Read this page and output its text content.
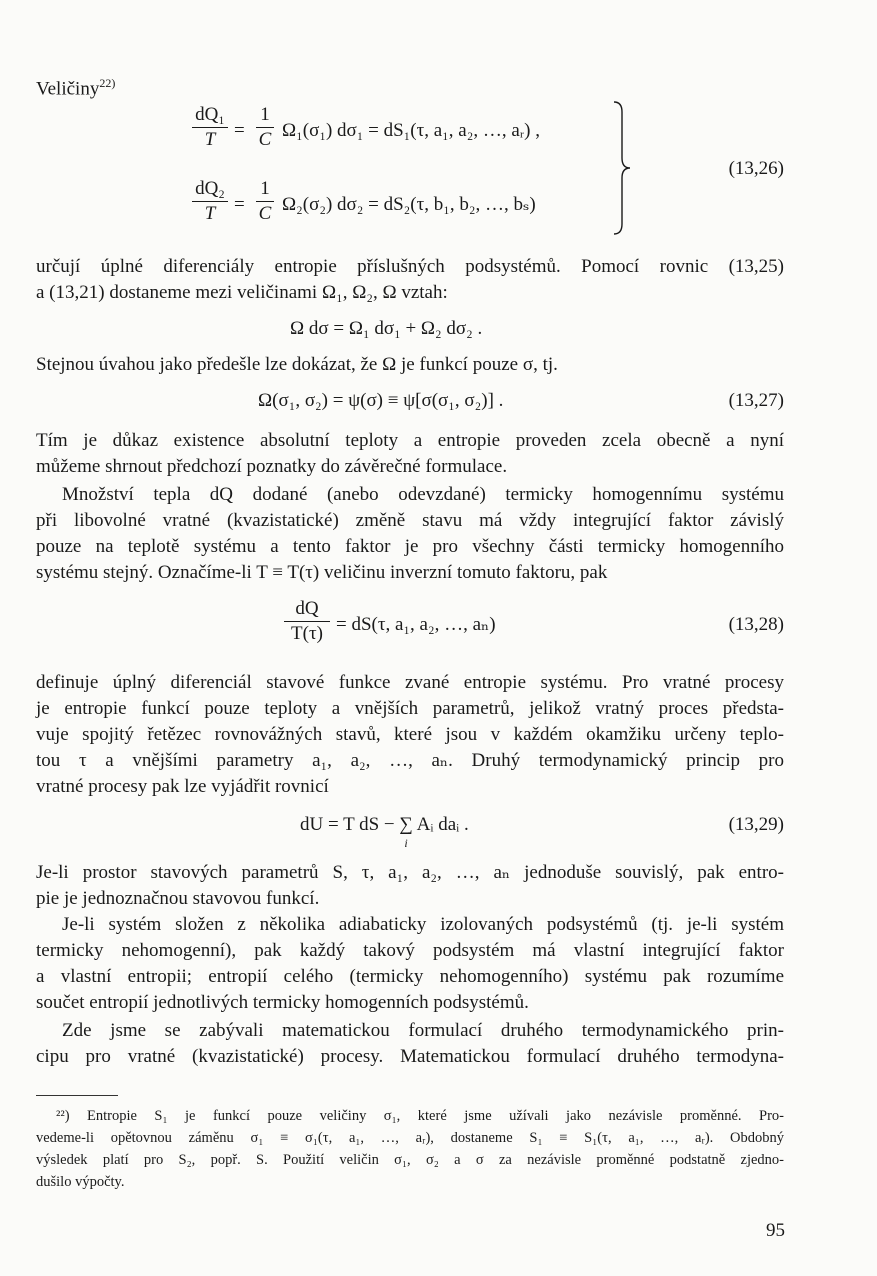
Veličiny$^{22)}$
dQ₁
T =
1
C Ω₁(σ₁) dσ₁ = dS₁(τ, a₁, a₂, …, aᵣ) ,
dQ₂
T =
1
C Ω₂(σ₂) dσ₂ = dS₂(τ, b₁, b₂, …, bₛ)
(13,26)
určují úplné diferenciály entropie příslušných podsystémů. Pomocí rovnic (13,25)
a (13,21) dostaneme mezi veličinami Ω₁, Ω₂, Ω vztah:
Ω dσ = Ω₁ dσ₁ + Ω₂ dσ₂ .
Stejnou úvahou jako předešle lze dokázat, že Ω je funkcí pouze σ, tj.
Ω(σ₁, σ₂) = ψ(σ) ≡ ψ[σ(σ₁, σ₂)] .	(13,27)
Tím je důkaz existence absolutní teploty a entropie proveden zcela obecně a nyní
můžeme shrnout předchozí poznatky do závěrečné formulace.
Množství tepla dQ dodané (anebo odevzdané) termicky homogennímu systému
při libovolné vratné (kvazistatické) změně stavu má vždy integrující faktor závislý
pouze na teplotě systému a tento faktor je pro všechny části termicky homogenního
systému stejný. Označíme-li T ≡ T(τ) veličinu inverzní tomuto faktoru, pak
dQ
T(τ) = dS(τ, a₁, a₂, …, aₙ)	(13,28)
definuje úplný diferenciál stavové funkce zvané entropie systému. Pro vratné procesy
je entropie funkcí pouze teploty a vnějších parametrů, jelikož vratný proces předsta-
vuje spojitý řetězec rovnovážných stavů, které jsou v každém okamžiku určeny teplo-
tou τ a vnějšími parametry a₁, a₂, …, aₙ. Druhý termodynamický princip pro
vratné procesy pak lze vyjádřit rovnicí
dU = T dS − ∑
i
Aᵢ daᵢ .	(13,29)
Je-li prostor stavových parametrů S, τ, a₁, a₂, …, aₙ jednoduše souvislý, pak entro-
pie je jednoznačnou stavovou funkcí.
Je-li systém složen z několika adiabaticky izolovaných podsystémů (tj. je-li systém
termicky nehomogenní), pak každý takový podsystém má vlastní integrující faktor
a vlastní entropii; entropií celého (termicky nehomogenního) systému pak rozumíme
součet entropií jednotlivých termicky homogenních podsystémů.
Zde jsme se zabývali matematickou formulací druhého termodynamického prin-
cipu pro vratné (kvazistatické) procesy. Matematickou formulací druhého termodyna-
²²) Entropie S₁ je funkcí pouze veličiny σ₁, které jsme užívali jako nezávisle proměnné. Pro-
vedeme-li opětovnou záměnu σ₁ ≡ σ₁(τ, a₁, …, aᵣ), dostaneme S₁ ≡ S₁(τ, a₁, …, aᵣ). Obdobný
výsledek platí pro S₂, popř. S. Použití veličin σ₁, σ₂ a σ za nezávisle proměnné podstatně zjedno-
dušilo výpočty.
95
